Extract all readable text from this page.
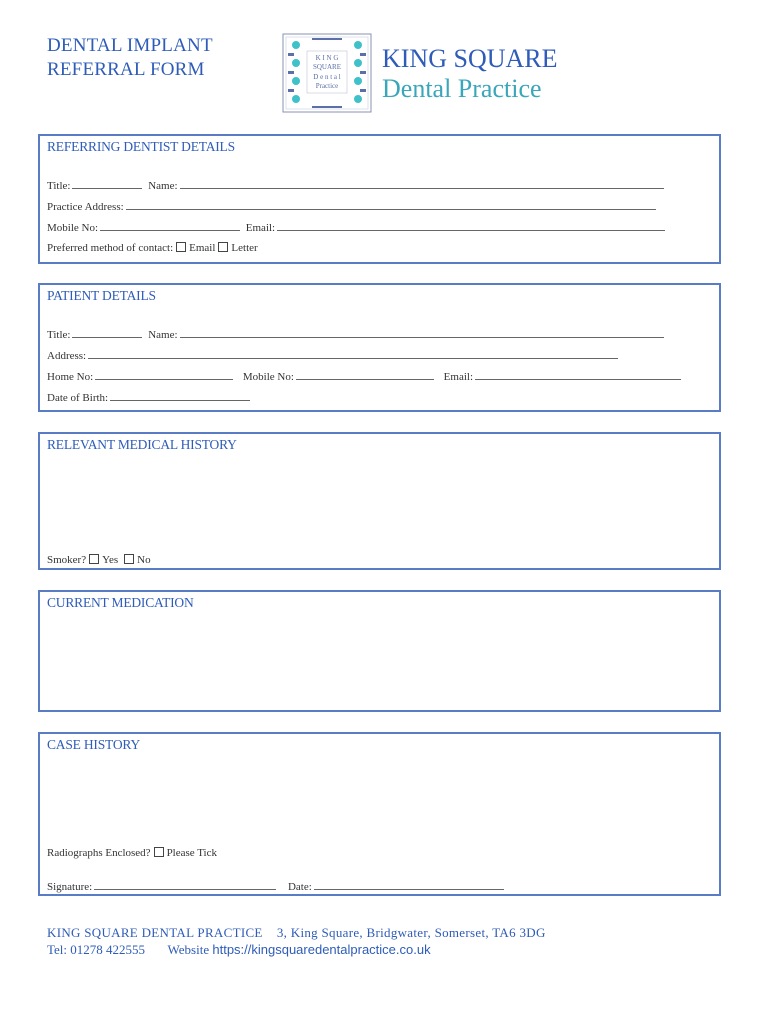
DENTAL IMPLANT
REFERRAL FORM
K I N G
SQUARE
D e n t a l
Practice
KING SQUARE
Dental Practice
REFERRING DENTIST DETAILS
Title:	Name:
Practice Address:
Mobile No:	Email:
Preferred method of contact: Email Letter
PATIENT DETAILS
Title:	Name:
Address:
Home No:	Mobile No:	Email:
Date of Birth:
RELEVANT MEDICAL HISTORY
Smoker? Yes No
CURRENT MEDICATION
CASE HISTORY
Radiographs Enclosed? Please Tick
Signature:	Date:
KING SQUARE DENTAL PRACTICE 3, King Square, Bridgwater, Somerset, TA6 3DG
Tel: 01278 422555 Website https://kingsquaredentalpractice.co.uk
